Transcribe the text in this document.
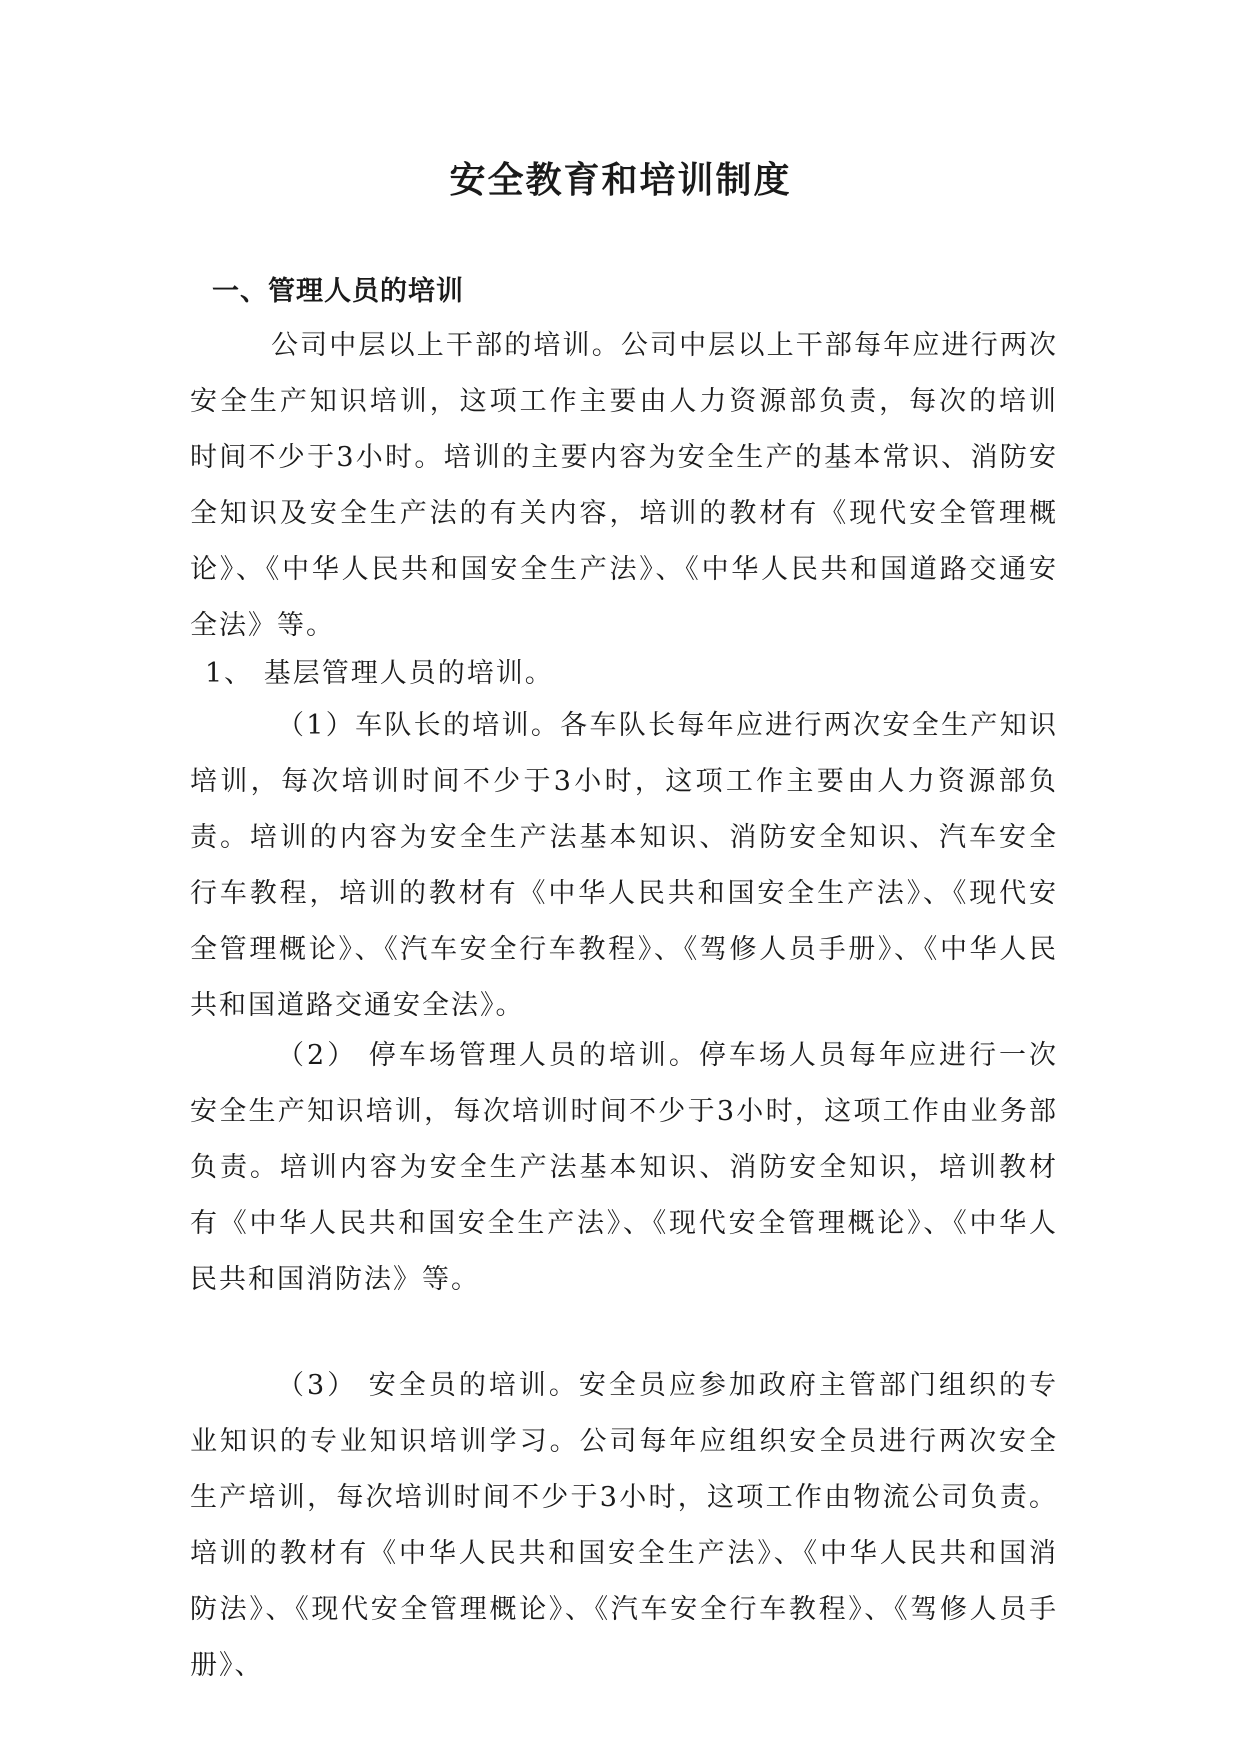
安全教育和培训制度
一、管理人员的培训

公司中层以上干部的培训。公司中层以上干部每年应进行两次安全生产知识培训，这项工作主要由人力资源部负责，每次的培训时间不少于3小时。培训的主要内容为安全生产的基本常识、消防安全知识及安全生产法的有关内容，培训的教材有《现代安全管理概论》、《中华人民共和国安全生产法》、《中华人民共和国道路交通安全法》等。

1、 基层管理人员的培训。

（1）车队长的培训。各车队长每年应进行两次安全生产知识培训，每次培训时间不少于3小时，这项工作主要由人力资源部负责。培训的内容为安全生产法基本知识、消防安全知识、汽车安全行车教程，培训的教材有《中华人民共和国安全生产法》、《现代安全管理概论》、《汽车安全行车教程》、《驾修人员手册》、《中华人民共和国道路交通安全法》。

（2） 停车场管理人员的培训。停车场人员每年应进行一次安全生产知识培训，每次培训时间不少于3小时，这项工作由业务部负责。培训内容为安全生产法基本知识、消防安全知识，培训教材有《中华人民共和国安全生产法》、《现代安全管理概论》、《中华人民共和国消防法》等。

（3） 安全员的培训。安全员应参加政府主管部门组织的专业知识的专业知识培训学习。公司每年应组织安全员进行两次安全生产培训，每次培训时间不少于3小时，这项工作由物流公司负责。培训的教材有《中华人民共和国安全生产法》、《中华人民共和国消防法》、《现代安全管理概论》、《汽车安全行车教程》、《驾修人员手册》、
